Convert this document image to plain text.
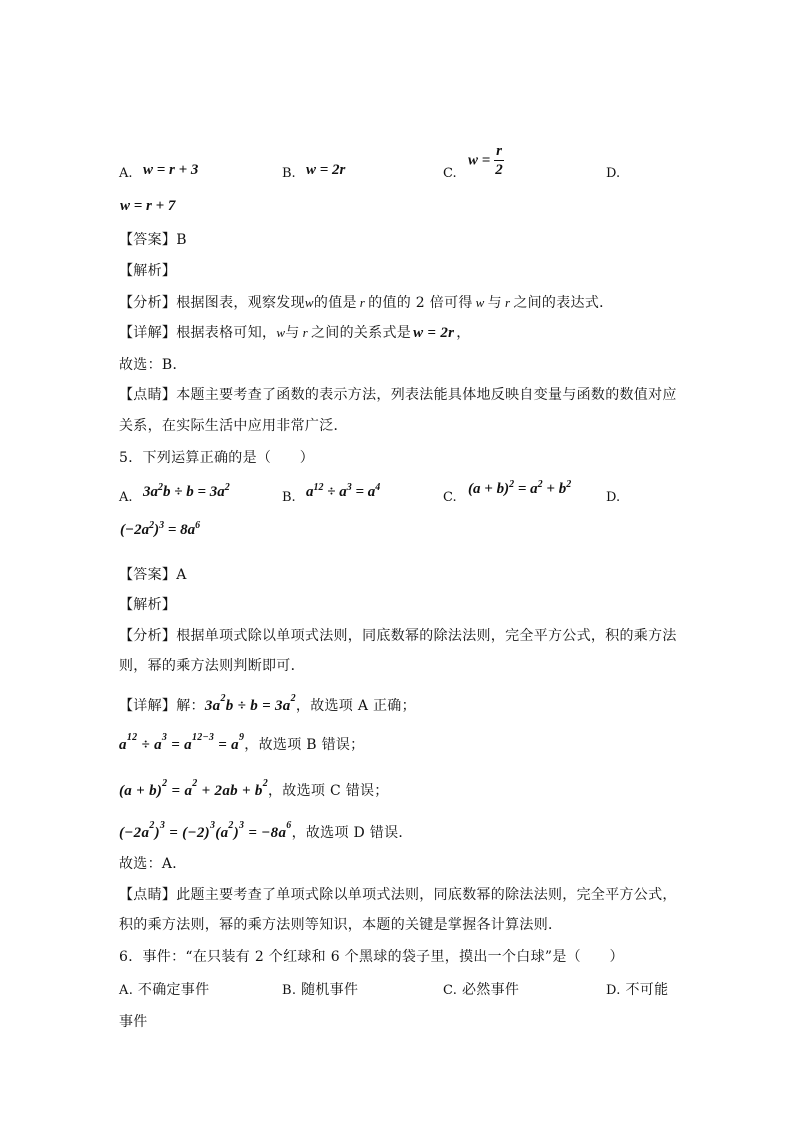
A. w = r + 3	B. w = 2r	C.
$w = \frac{r}{2}$	D.
w = r + 7
【答案】B
【解析】
【分析】根据图表，观察发现w的值是 r 的值的 2 倍可得 w 与 r 之间的表达式．
【详解】根据表格可知，w与 r 之间的关系式是 w = 2r ，
故选：B．
【点睛】本题主要考查了函数的表示方法，列表法能具体地反映自变量与函数的数值对应
关系，在实际生活中应用非常广泛．
5．下列运算正确的是（　　）
A. $3a^2b \div b = 3a^2$
B. $a^{12} \div a^3 = a^4$
C.
$(a + b)^2 = a^2 + b^2$
D.
$(-2a^2)^3 = 8a^6$
【答案】A
【解析】
【分析】根据单项式除以单项式法则，同底数幂的除法法则，完全平方公式，积的乘方法
则，幂的乘方法则判断即可．
【详解】解：$3a^2b \div b = 3a^2$，故选项 A 正确；
$a^{12} \div a^3 = a^{12-3} = a^9$，故选项 B 错误；
$(a + b)^2 = a^2 + 2ab + b^2$，故选项 C 错误；
$(-2a^2)^3 = (-2)^3(a^2)^3 = -8a^6$，故选项 D 错误．
故选：A．
【点睛】此题主要考查了单项式除以单项式法则，同底数幂的除法法则，完全平方公式，
积的乘方法则，幂的乘方法则等知识，本题的关键是掌握各计算法则．
6．事件：“在只装有 2 个红球和 6 个黑球的袋子里，摸出一个白球”是（　　）
A. 不确定事件	B. 随机事件	C. 必然事件	D. 不可能
事件
